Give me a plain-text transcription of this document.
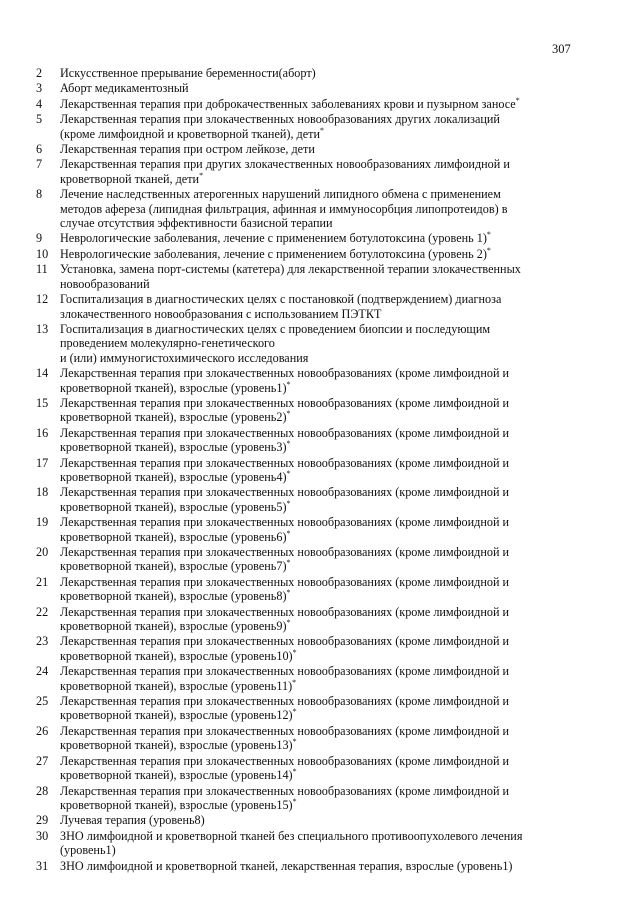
307
2	Искусственное прерывание беременности(аборт)
3	Аборт медикаментозный
4	Лекарственная терапия при доброкачественных заболеваниях крови и пузырном заносе*
5	Лекарственная терапия при злокачественных новообразованиях других локализаций
(кроме лимфоидной и кроветворной тканей), дети*
6	Лекарственная терапия при остром лейкозе, дети
7	Лекарственная терапия при других злокачественных новообразованиях лимфоидной и
кроветворной тканей, дети*
8	Лечение наследственных атерогенных нарушений липидного обмена с применением
методов афереза (липидная фильтрация, афинная и иммуносорбция липопротеидов) в
случае отсутствия эффективности базисной терапии
9	Неврологические заболевания, лечение с применением ботулотоксина (уровень 1)*
10 Неврологические заболевания, лечение с применением ботулотоксина (уровень 2)*
11	Установка, замена порт-системы (катетера) для лекарственной терапии злокачественных
новообразований
12 Госпитализация в диагностических целях с постановкой (подтверждением) диагноза
злокачественного новообразования с использованием ПЭТКТ
13 Госпитализация в диагностических целях с проведением биопсии и последующим
проведением молекулярно-генетического
и (или) иммуногистохимического исследования
14 Лекарственная терапия при злокачественных новообразованиях (кроме лимфоидной и
кроветворной тканей), взрослые (уровень1)*
15 Лекарственная терапия при злокачественных новообразованиях (кроме лимфоидной и
кроветворной тканей), взрослые (уровень2)*
16 Лекарственная терапия при злокачественных новообразованиях (кроме лимфоидной и
кроветворной тканей), взрослые (уровень3)*
17 Лекарственная терапия при злокачественных новообразованиях (кроме лимфоидной и
кроветворной тканей), взрослые (уровень4)*
18 Лекарственная терапия при злокачественных новообразованиях (кроме лимфоидной и
кроветворной тканей), взрослые (уровень5)*
19 Лекарственная терапия при злокачественных новообразованиях (кроме лимфоидной и
кроветворной тканей), взрослые (уровень6)*
20 Лекарственная терапия при злокачественных новообразованиях (кроме лимфоидной и
кроветворной тканей), взрослые (уровень7)*
21 Лекарственная терапия при злокачественных новообразованиях (кроме лимфоидной и
кроветворной тканей), взрослые (уровень8)*
22 Лекарственная терапия при злокачественных новообразованиях (кроме лимфоидной и
кроветворной тканей), взрослые (уровень9)*
23 Лекарственная терапия при злокачественных новообразованиях (кроме лимфоидной и
кроветворной тканей), взрослые (уровень10)*
24 Лекарственная терапия при злокачественных новообразованиях (кроме лимфоидной и
кроветворной тканей), взрослые (уровень11)*
25 Лекарственная терапия при злокачественных новообразованиях (кроме лимфоидной и
кроветворной тканей), взрослые (уровень12)*
26 Лекарственная терапия при злокачественных новообразованиях (кроме лимфоидной и
кроветворной тканей), взрослые (уровень13)*
27 Лекарственная терапия при злокачественных новообразованиях (кроме лимфоидной и
кроветворной тканей), взрослые (уровень14)*
28 Лекарственная терапия при злокачественных новообразованиях (кроме лимфоидной и
кроветворной тканей), взрослые (уровень15)*
29 Лучевая терапия (уровень8)
30 ЗНО лимфоидной и кроветворной тканей без специального противоопухолевого лечения
(уровень1)
31 ЗНО лимфоидной и кроветворной тканей, лекарственная терапия, взрослые (уровень1)
